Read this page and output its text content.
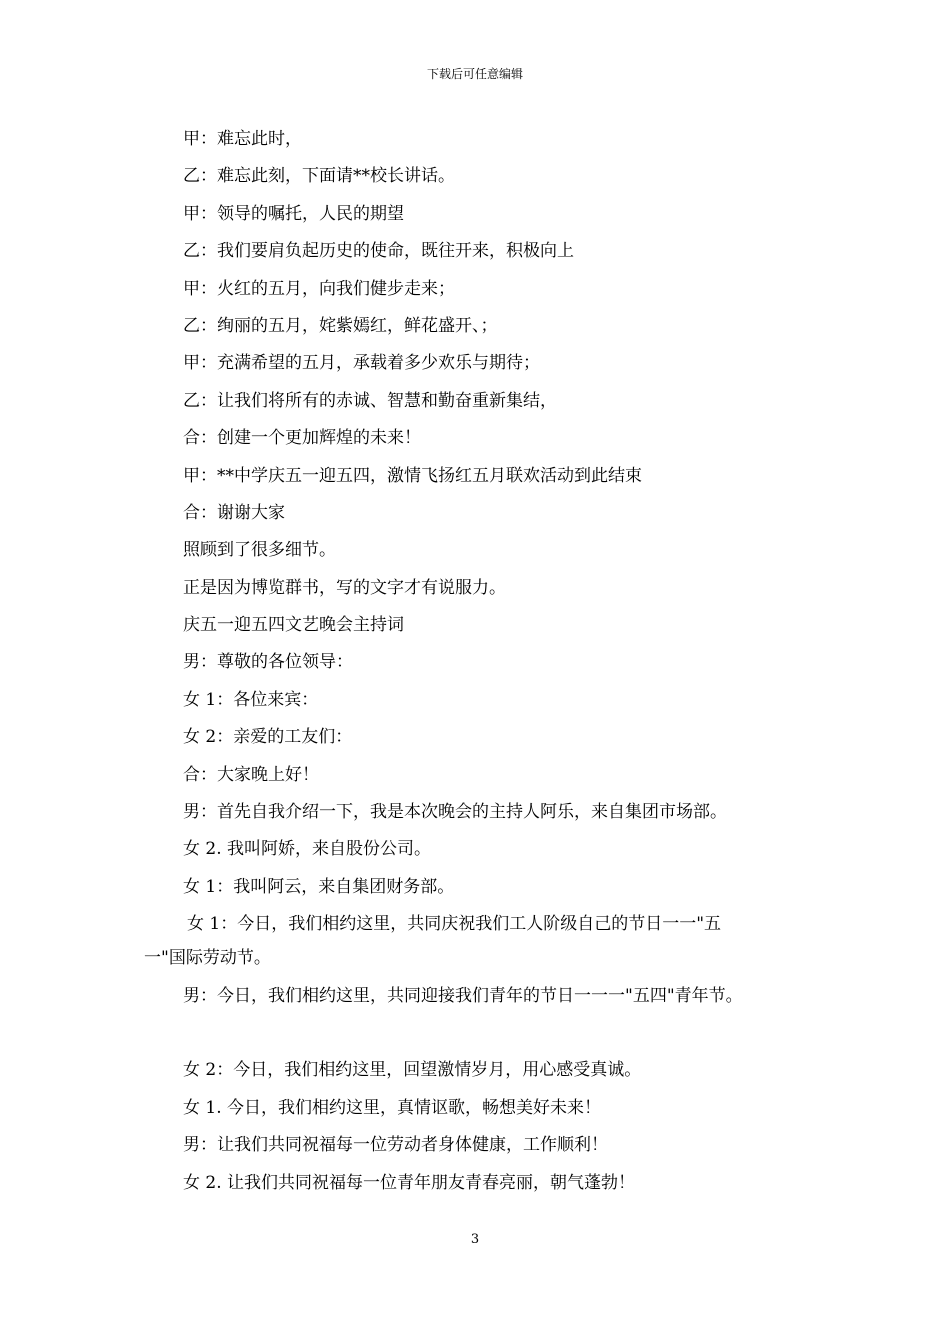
下载后可任意编辑
甲：难忘此时，
乙：难忘此刻，下面请**校长讲话。
甲：领导的嘱托，人民的期望
乙：我们要肩负起历史的使命，既往开来，积极向上
甲：火红的五月，向我们健步走来；
乙：绚丽的五月，姹紫嫣红，鲜花盛开、；
甲：充满希望的五月，承载着多少欢乐与期待；
乙：让我们将所有的赤诚、智慧和勤奋重新集结，
合：创建一个更加辉煌的未来！
甲：**中学庆五一迎五四，激情飞扬红五月联欢活动到此结束
合：谢谢大家
照顾到了很多细节。
正是因为博览群书，写的文字才有说服力。
庆五一迎五四文艺晚会主持词
男：尊敬的各位领导：
女 1：各位来宾：
女 2：亲爱的工友们：
合：大家晚上好！
男：首先自我介绍一下，我是本次晚会的主持人阿乐，来自集团市场部。
女 2. 我叫阿娇，来自股份公司。
女 1：我叫阿云，来自集团财务部。
女 1：今日，我们相约这里，共同庆祝我们工人阶级自己的节日一一"五
一"国际劳动节。
男：今日，我们相约这里，共同迎接我们青年的节日一一一"五四"青年节。
女 2：今日，我们相约这里，回望激情岁月，用心感受真诚。
女 1. 今日，我们相约这里，真情讴歌，畅想美好未来！
男：让我们共同祝福每一位劳动者身体健康，工作顺利！
女 2. 让我们共同祝福每一位青年朋友青春亮丽，朝气蓬勃！
3
